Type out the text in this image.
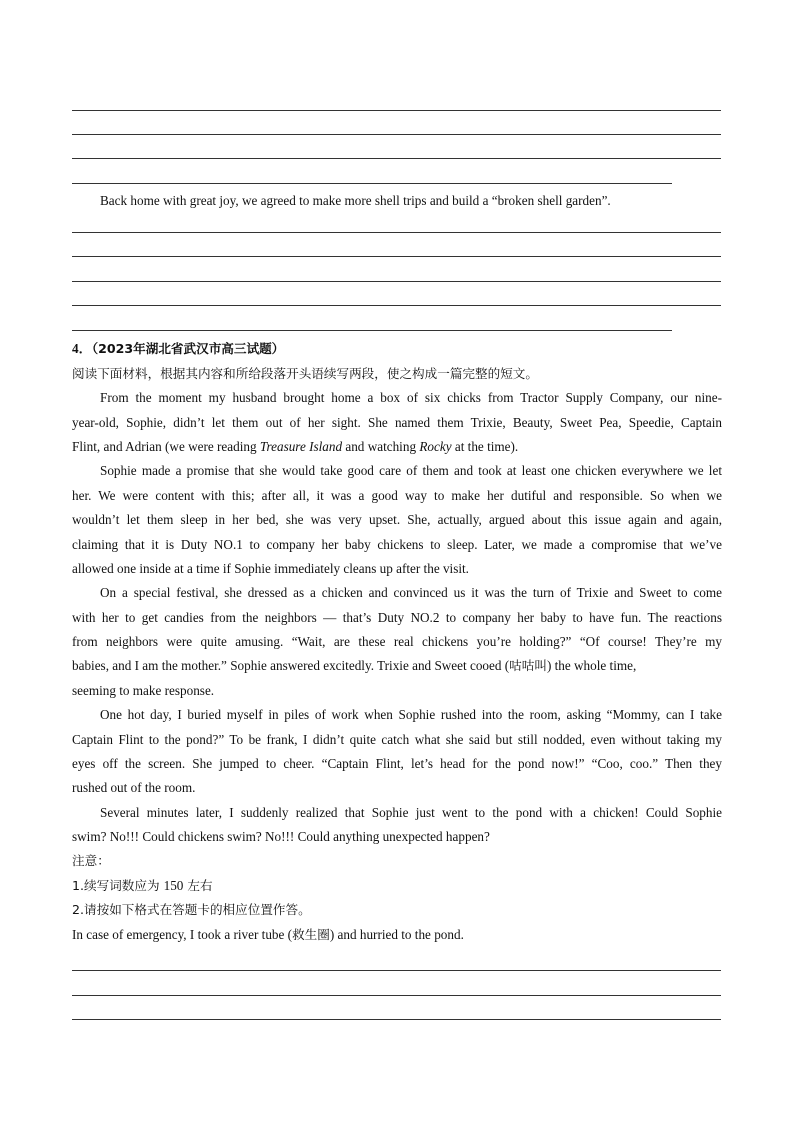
Back home with great joy, we agreed to make more shell trips and build a “broken shell garden”.
4．（2023年湖北省武汉市高三试题）
阅读下面材料，根据其内容和所给段落开头语续写两段，使之构成一篇完整的短文。
From the moment my husband brought home a box of six chicks from Tractor Supply Company, our nine-
year-old, Sophie, didn’t let them out of her sight. She named them Trixie, Beauty, Sweet Pea, Speedie, Captain
Flint, and Adrian (we were reading Treasure Island and watching Rocky at the time).
Sophie made a promise that she would take good care of them and took at least one chicken everywhere we let
her. We were content with this; after all, it was a good way to make her dutiful and responsible. So when we
wouldn’t let them sleep in her bed, she was very upset. She, actually, argued about this issue again and again,
claiming that it is Duty NO.1 to company her baby chickens to sleep. Later, we made a compromise that we’ve
allowed one inside at a time if Sophie immediately cleans up after the visit.
On a special festival, she dressed as a chicken and convinced us it was the turn of Trixie and Sweet to come
with her to get candies from the neighbors — that’s Duty NO.2 to company her baby to have fun. The reactions
from neighbors were quite amusing. “Wait, are these real chickens you’re holding?” “Of course! They’re my
babies, and I am the mother.” Sophie answered excitedly. Trixie and Sweet cooed (咕咕叫) the whole time,
seeming to make response.
One hot day, I buried myself in piles of work when Sophie rushed into the room, asking “Mommy, can I take
Captain Flint to the pond?” To be frank, I didn’t quite catch what she said but still nodded, even without taking my
eyes off the screen. She jumped to cheer. “Captain Flint, let’s head for the pond now!” “Coo, coo.” Then they
rushed out of the room.
Several minutes later, I suddenly realized that Sophie just went to the pond with a chicken! Could Sophie
swim? No!!! Could chickens swim? No!!! Could anything unexpected happen?
注意：
1.续写词数应为 150 左右
2.请按如下格式在答题卡的相应位置作答。
In case of emergency, I took a river tube (救生圈) and hurried to the pond.
